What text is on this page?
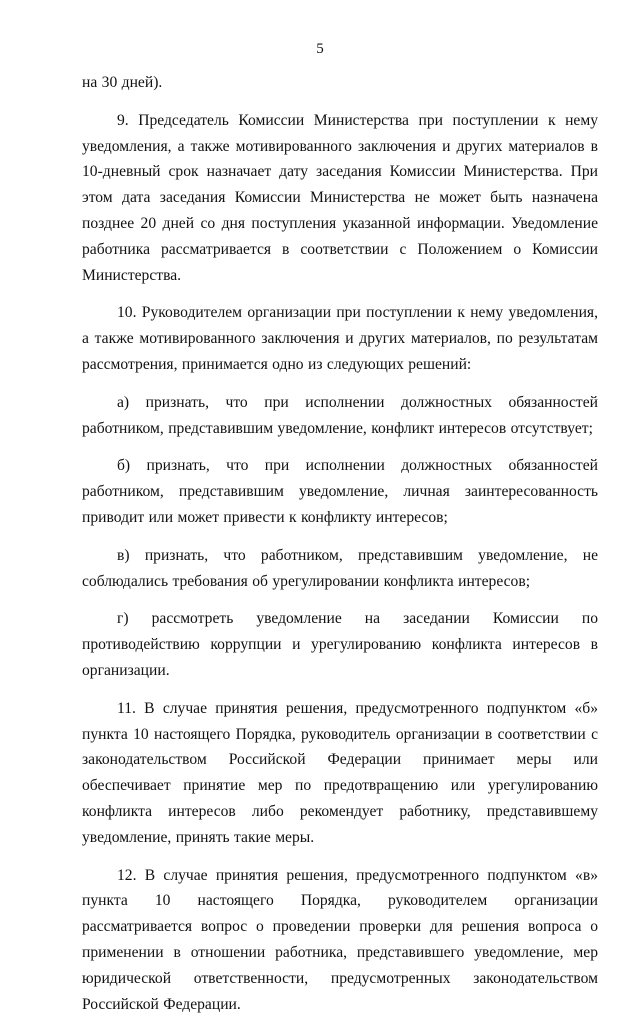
5

на 30 дней).

9. Председатель Комиссии Министерства при поступлении к нему уведомления, а также мотивированного заключения и других материалов в 10-дневный срок назначает дату заседания Комиссии Министерства. При этом дата заседания Комиссии Министерства не может быть назначена позднее 20 дней со дня поступления указанной информации. Уведомление работника рассматривается в соответствии с Положением о Комиссии Министерства.

10. Руководителем организации при поступлении к нему уведомления, а также мотивированного заключения и других материалов, по результатам рассмотрения, принимается одно из следующих решений:

а) признать, что при исполнении должностных обязанностей работником, представившим уведомление, конфликт интересов отсутствует;

б) признать, что при исполнении должностных обязанностей работником, представившим уведомление, личная заинтересованность приводит или может привести к конфликту интересов;

в) признать, что работником, представившим уведомление, не соблюдались требования об урегулировании конфликта интересов;

г) рассмотреть уведомление на заседании Комиссии по противодействию коррупции и урегулированию конфликта интересов в организации.

11. В случае принятия решения, предусмотренного подпунктом «б» пункта 10 настоящего Порядка, руководитель организации в соответствии с законодательством Российской Федерации принимает меры или обеспечивает принятие мер по предотвращению или урегулированию конфликта интересов либо рекомендует работнику, представившему уведомление, принять такие меры.

12. В случае принятия решения, предусмотренного подпунктом «в» пункта 10 настоящего Порядка, руководителем организации рассматривается вопрос о проведении проверки для решения вопроса о применении в отношении работника, представившего уведомление, мер юридической ответственности, предусмотренных законодательством Российской Федерации.
